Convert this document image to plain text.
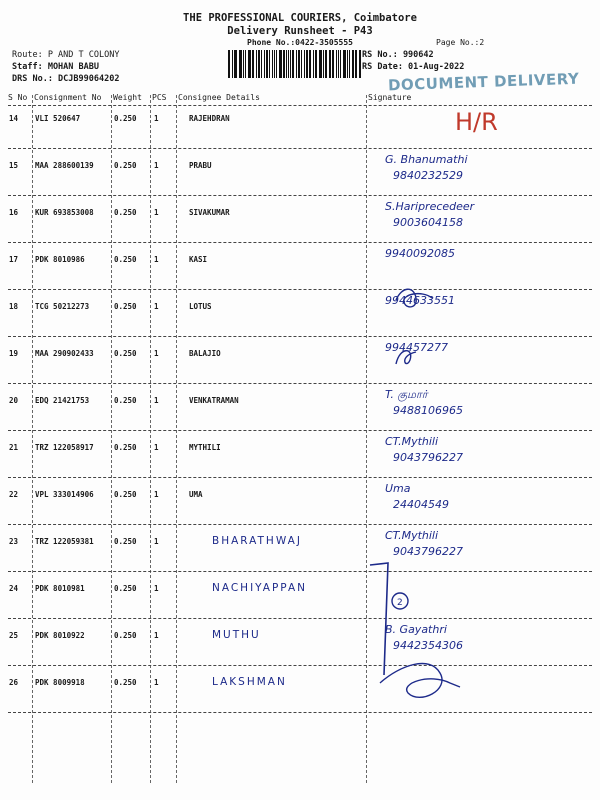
THE PROFESSIONAL COURIERS, Coimbatore
Delivery Runsheet - P43
Phone No.:0422-3505555	Page No.:2
Route: P AND T COLONY
Staff: MOHAN BABU
DRS No.: DCJB99064202
RS No.: 990642
RS Date: 01-Aug-2022
DOCUMENT DELIVERY
S No Consignment No Weight PCS Consignee Details	Signature
14 VLI 520647	0.250 1	RAJEHDRAN	H/R
15 MAA 288600139	0.250 1	PRABU	G. Bhanumathi
9840232529
16 KUR 693853008	0.250 1	SIVAKUMAR	S.Hariprecedeer
9003604158
17 PDK 8010986	0.250 1	KASI	9940092085
18 TCG 50212273	0.250 1	LOTUS	9944633551
19 MAA 290902433	0.250 1	BALAJIO	994457277
20 EDQ 21421753	0.250 1	VENKATRAMAN	T. குமார்
9488106965
21 TRZ 122058917	0.250 1	MYTHILI	CT.Mythili
9043796227
22 VPL 333014906	0.250 1	UMA	Uma
24404549
23 TRZ 122059381	0.250 1	BHARATHWAJ	CT.Mythili
9043796227
24 PDK 8010981	0.250 1	NACHIYAPPAN
25 PDK 8010922	0.250 1	MUTHU	B. Gayathri
9442354306
26 PDK 8009918	0.250 1	LAKSHMAN
2
